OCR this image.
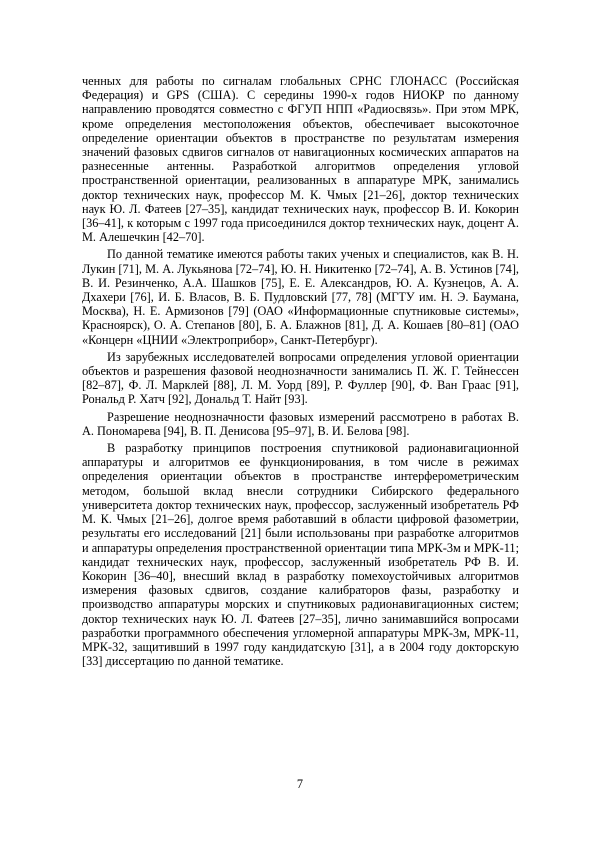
ченных для работы по сигналам глобальных СРНС ГЛОНАСС (Российская Федерация) и GPS (США). С середины 1990-х годов НИОКР по данному направлению проводятся совместно с ФГУП НПП «Радиосвязь». При этом МРК, кроме определения местоположения объектов, обеспечивает высокоточное определение ориентации объектов в пространстве по результатам измерения значений фазовых сдвигов сигналов от навигационных космических аппаратов на разнесенные антенны. Разработкой алгоритмов определения угловой пространственной ориентации, реализованных в аппаратуре МРК, занимались доктор технических наук, профессор М. К. Чмых [21–26], доктор технических наук Ю. Л. Фатеев [27–35], кандидат технических наук, профессор В. И. Кокорин [36–41], к которым с 1997 года присоединился доктор технических наук, доцент А. М. Алешечкин [42–70].

По данной тематике имеются работы таких ученых и специалистов, как В. Н. Лукин [71], М. А. Лукьянова [72–74], Ю. Н. Никитенко [72–74], А. В. Устинов [74], В. И. Резинченко, А.А. Шашков [75], Е. Е. Александров, Ю. А. Кузнецов, А. А. Дхахери [76], И. Б. Власов, В. Б. Пудловский [77, 78] (МГТУ им. Н. Э. Баумана, Москва), Н. Е. Армизонов [79] (ОАО «Информационные спутниковые системы», Красноярск), О. А. Степанов [80], Б. А. Блажнов [81], Д. А. Кошаев [80–81] (ОАО «Концерн «ЦНИИ «Электроприбор», Санкт-Петербург).

Из зарубежных исследователей вопросами определения угловой ориентации объектов и разрешения фазовой неоднозначности занимались П. Ж. Г. Тейнессен [82–87], Ф. Л. Марклей [88], Л. М. Уорд [89], Р. Фуллер [90], Ф. Ван Граас [91], Рональд Р. Хатч [92], Дональд Т. Найт [93].

Разрешение неоднозначности фазовых измерений рассмотрено в работах В. А. Пономарева [94], В. П. Денисова [95–97], В. И. Белова [98].

В разработку принципов построения спутниковой радионавигационной аппаратуры и алгоритмов ее функционирования, в том числе в режимах определения ориентации объектов в пространстве интерферометрическим методом, большой вклад внесли сотрудники Сибирского федерального университета доктор технических наук, профессор, заслуженный изобретатель РФ М. К. Чмых [21–26], долгое время работавший в области цифровой фазометрии, результаты его исследований [21] были использованы при разработке алгоритмов и аппаратуры определения пространственной ориентации типа МРК-3м и МРК-11; кандидат технических наук, профессор, заслуженный изобретатель РФ В. И. Кокорин [36–40], внесший вклад в разработку помехоустойчивых алгоритмов измерения фазовых сдвигов, создание калибраторов фазы, разработку и производство аппаратуры морских и спутниковых радионавигационных систем; доктор технических наук Ю. Л. Фатеев [27–35], лично занимавшийся вопросами разработки программного обеспечения угломерной аппаратуры МРК-3м, МРК-11, МРК-32, защитивший в 1997 году кандидатскую [31], а в 2004 году докторскую [33] диссертацию по данной тематике.

7
